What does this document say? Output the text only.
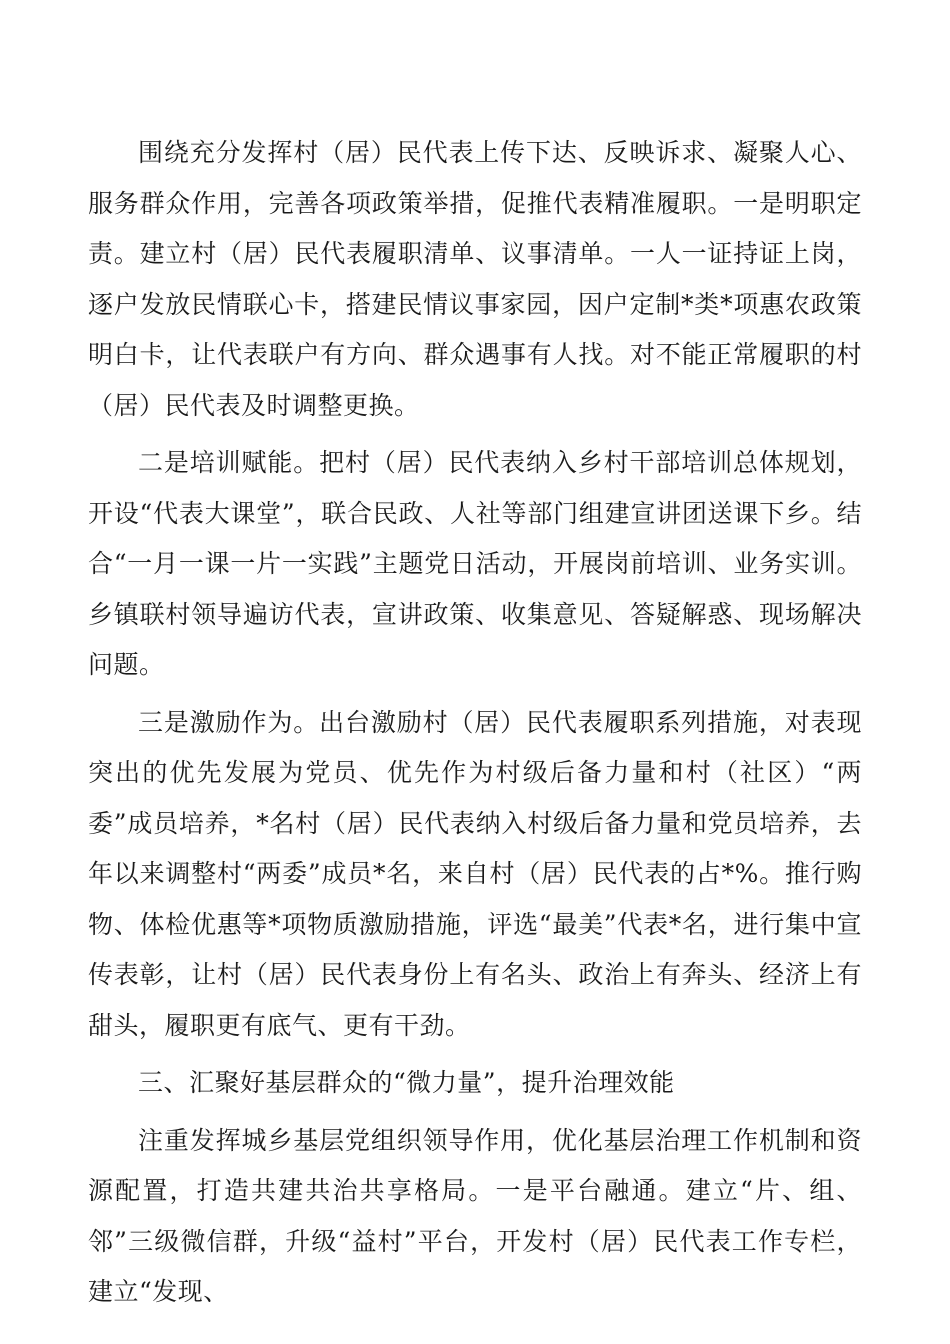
围绕充分发挥村（居）民代表上传下达、反映诉求、凝聚人心、服务群众作用，完善各项政策举措，促推代表精准履职。一是明职定责。建立村（居）民代表履职清单、议事清单。一人一证持证上岗，逐户发放民情联心卡，搭建民情议事家园，因户定制*类*项惠农政策明白卡，让代表联户有方向、群众遇事有人找。对不能正常履职的村（居）民代表及时调整更换。

二是培训赋能。把村（居）民代表纳入乡村干部培训总体规划，开设“代表大课堂”，联合民政、人社等部门组建宣讲团送课下乡。结合“一月一课一片一实践”主题党日活动，开展岗前培训、业务实训。乡镇联村领导遍访代表，宣讲政策、收集意见、答疑解惑、现场解决问题。

三是激励作为。出台激励村（居）民代表履职系列措施，对表现突出的优先发展为党员、优先作为村级后备力量和村（社区）“两委”成员培养，*名村（居）民代表纳入村级后备力量和党员培养，去年以来调整村“两委”成员*名，来自村（居）民代表的占*%。推行购物、体检优惠等*项物质激励措施，评选“最美”代表*名，进行集中宣传表彰，让村（居）民代表身份上有名头、政治上有奔头、经济上有甜头，履职更有底气、更有干劲。

三、汇聚好基层群众的“微力量”，提升治理效能

注重发挥城乡基层党组织领导作用，优化基层治理工作机制和资源配置，打造共建共治共享格局。一是平台融通。建立“片、组、邻”三级微信群，升级“益村”平台，开发村（居）民代表工作专栏，建立“发现、
